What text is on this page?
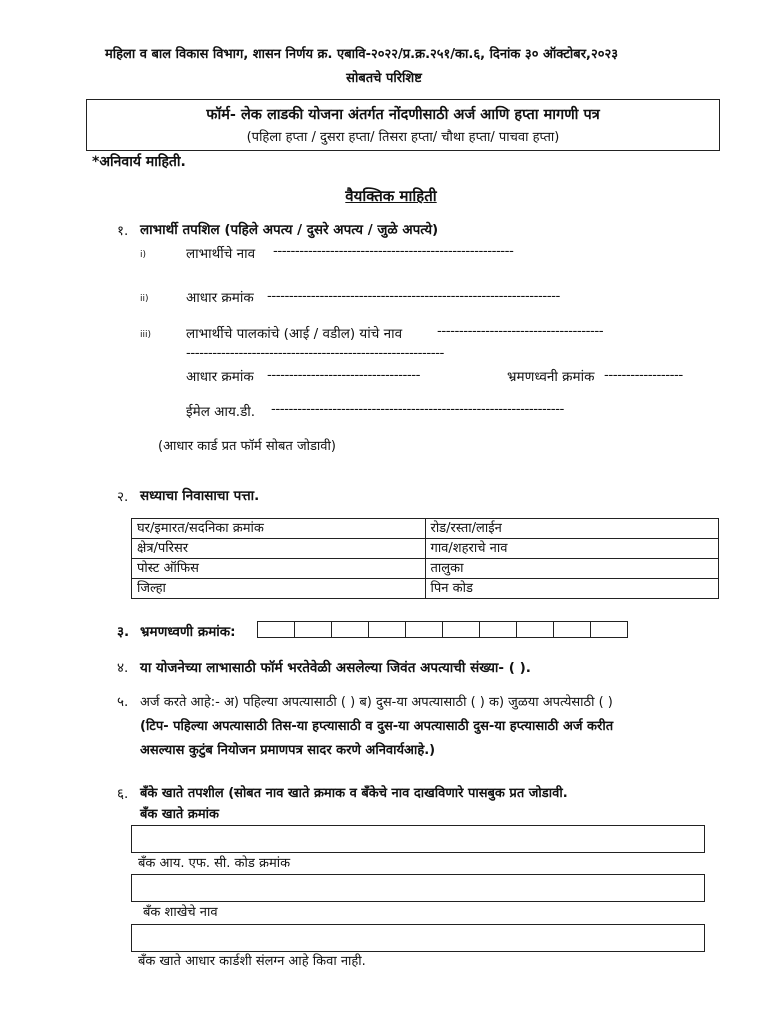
महिला व बाल विकास विभाग, शासन निर्णय क्र. एबावि-२०२२/प्र.क्र.२५१/का.६, दिनांक ३० ऑक्टोबर,२०२३
सोबतचे परिशिष्ट
फॉर्म- लेक लाडकी योजना अंतर्गत नोंदणीसाठी अर्ज आणि हप्ता मागणी पत्र
(पहिला हप्ता / दुसरा हप्ता/ तिसरा हप्ता/ चौथा हप्ता/ पाचवा हप्ता)
*अनिवार्य माहिती.
वैयक्तिक माहिती
१. लाभार्थी तपशिल (पहिले अपत्य / दुसरे अपत्य / जुळे अपत्ये)
i)	लाभार्थीचे नाव -------------------------------------------------------
ii)	आधार क्रमांक -------------------------------------------------------------------
iii)	लाभार्थीचे पालकांचे (आई / वडील) यांचे नाव	--------------------------------------
-----------------------------------------------------------
आधार क्रमांक -----------------------------------	भ्रमणध्वनी क्रमांक ------------------
ईमेल आय.डी. -------------------------------------------------------------------
(आधार कार्ड प्रत फॉर्म सोबत जोडावी)
२. सध्याचा निवासाचा पत्ता.
घर/इमारत/सदनिका क्रमांक	रोड/रस्ता/लाईन
क्षेत्र/परिसर	गाव/शहराचे नाव
पोस्ट ऑफिस	तालुका
जिल्हा	पिन कोड
३. भ्रमणध्वणी क्रमांक:
४. या योजनेच्या लाभासाठी फॉर्म भरतेवेळी असलेल्या जिवंत अपत्याची संख्या- ( ).
५. अर्ज करते आहे:- अ) पहिल्या अपत्यासाठी ( ) ब) दुस-या अपत्यासाठी ( ) क) जुळया अपत्येसाठी ( )
(टिप- पहिल्या अपत्यासाठी तिस-या हप्त्यासाठी व दुस-या अपत्यासाठी दुस-या हप्त्यासाठी अर्ज करीत
असल्यास कुटुंब नियोजन प्रमाणपत्र सादर करणे अनिवार्यआहे.)
६. बँके खाते तपशील (सोबत नाव खाते क्रमाक व बँकेचे नाव दाखविणारे पासबुक प्रत जोडावी.
बँक खाते क्रमांक
बँक आय. एफ. सी. कोड क्रमांक
बँक शाखेचे नाव
बँक खाते आधार कार्डशी संलग्न आहे किवा नाही.
